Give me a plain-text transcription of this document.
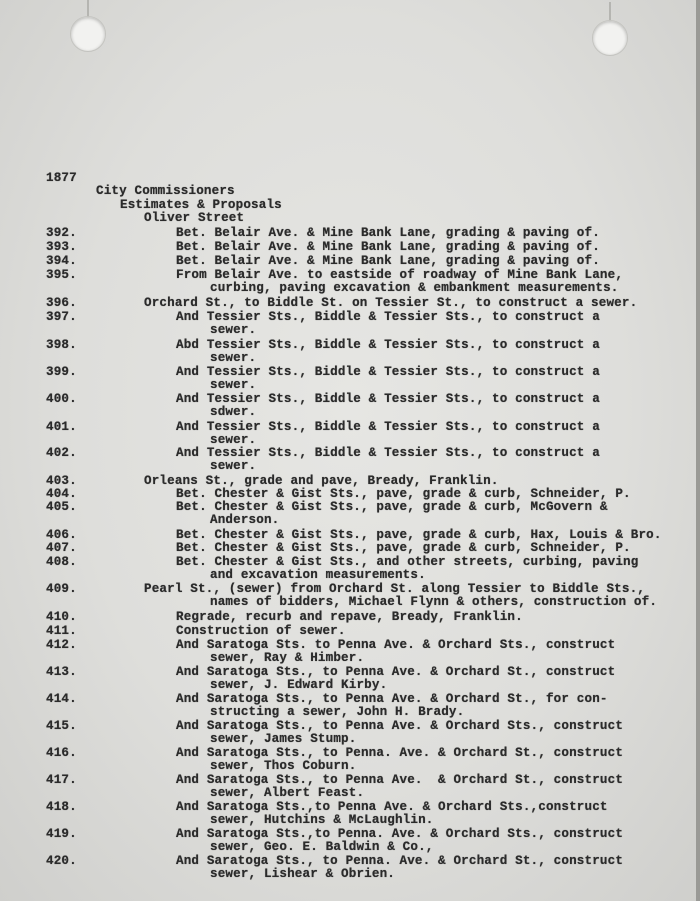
1877
City Commissioners
Estimates & Proposals
Oliver Street
392.	Bet. Belair Ave. & Mine Bank Lane, grading & paving of.
393.	Bet. Belair Ave. & Mine Bank Lane, grading & paving of.
394.	Bet. Belair Ave. & Mine Bank Lane, grading & paving of.
395.	From Belair Ave. to eastside of roadway of Mine Bank Lane,
curbing, paving excavation & embankment measurements.
396.	Orchard St., to Biddle St. on Tessier St., to construct a sewer.
397.	And Tessier Sts., Biddle & Tessier Sts., to construct a
sewer.
398.	Abd Tessier Sts., Biddle & Tessier Sts., to construct a
sewer.
399.	And Tessier Sts., Biddle & Tessier Sts., to construct a
sewer.
400.	And Tessier Sts., Biddle & Tessier Sts., to construct a
sdwer.
401.	And Tessier Sts., Biddle & Tessier Sts., to construct a
sewer.
402.	And Tessier Sts., Biddle & Tessier Sts., to construct a
sewer.
403.	Orleans St., grade and pave, Bready, Franklin.
404.	Bet. Chester & Gist Sts., pave, grade & curb, Schneider, P.
405.	Bet. Chester & Gist Sts., pave, grade & curb, McGovern &
Anderson.
406.	Bet. Chester & Gist Sts., pave, grade & curb, Hax, Louis & Bro.
407.	Bet. Chester & Gist Sts., pave, grade & curb, Schneider, P.
408.	Bet. Chester & Gist Sts., and other streets, curbing, paving
and excavation measurements.
409.	Pearl St., (sewer) from Orchard St. along Tessier to Biddle Sts.,
names of bidders, Michael Flynn & others, construction of.
410.	Regrade, recurb and repave, Bready, Franklin.
411.	Construction of sewer.
412.	And Saratoga Sts. to Penna Ave. & Orchard Sts., construct
sewer, Ray & Himber.
413.	And Saratoga Sts., to Penna Ave. & Orchard St., construct
sewer, J. Edward Kirby.
414.	And Saratoga Sts., to Penna Ave. & Orchard St., for con-
structing a sewer, John H. Brady.
415.	And Saratoga Sts., to Penna Ave. & Orchard Sts., construct
sewer, James Stump.
416.	And Saratoga Sts., to Penna. Ave. & Orchard St., construct
sewer, Thos Coburn.
417.	And Saratoga Sts., to Penna Ave.  & Orchard St., construct
sewer, Albert Feast.
418.	And Saratoga Sts.,to Penna Ave. & Orchard Sts.,construct
sewer, Hutchins & McLaughlin.
419.	And Saratoga Sts.,to Penna. Ave. & Orchard Sts., construct
sewer, Geo. E. Baldwin & Co.,
420.	And Saratoga Sts., to Penna. Ave. & Orchard St., construct
sewer, Lishear & Obrien.
